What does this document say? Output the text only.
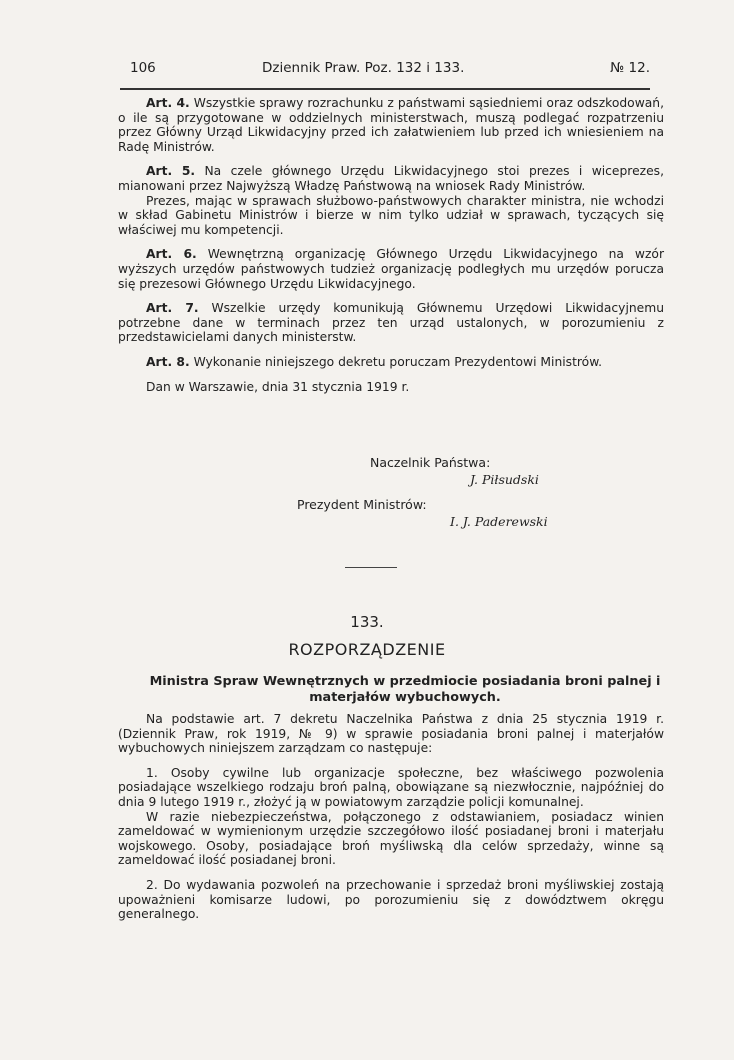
106	Dziennik Praw. Poz. 132 i 133.	№ 12.

Art. 4. Wszystkie sprawy rozrachunku z państwami sąsiedniemi oraz odszkodowań, o ile są przygotowane w oddzielnych ministerstwach, muszą podlegać rozpatrzeniu przez Główny Urząd Likwidacyjny przed ich załatwieniem lub przed ich wniesieniem na Radę Ministrów.

Art. 5. Na czele głównego Urzędu Likwidacyjnego stoi prezes i wiceprezes, mianowani przez Najwyższą Władzę Państwową na wniosek Rady Ministrów.

Prezes, mając w sprawach służbowo-państwowych charakter ministra, nie wchodzi w skład Gabinetu Ministrów i bierze w nim tylko udział w sprawach, tyczących się właściwej mu kompetencji.

Art. 6. Wewnętrzną organizację Głównego Urzędu Likwidacyjnego na wzór wyższych urzędów państwowych tudzież organizację podległych mu urzędów porucza się prezesowi Głównego Urzędu Likwidacyjnego.

Art. 7. Wszelkie urzędy komunikują Głównemu Urzędowi Likwidacyjnemu potrzebne dane w terminach przez ten urząd ustalonych, w porozumieniu z przedstawicielami danych ministerstw.

Art. 8. Wykonanie niniejszego dekretu poruczam Prezydentowi Ministrów.

Dan w Warszawie, dnia 31 stycznia 1919 r.

Naczelnik Państwa:
J. Piłsudski
Prezydent Ministrów:
I. J. Paderewski
133.
ROZPORZĄDZENIE
Ministra Spraw Wewnętrznych w przedmiocie posiadania broni palnej i materjałów wybuchowych.

Na podstawie art. 7 dekretu Naczelnika Państwa z dnia 25 stycznia 1919 r. (Dziennik Praw, rok 1919, № 9) w sprawie posiadania broni palnej i materjałów wybuchowych niniejszem zarządzam co następuje:

1. Osoby cywilne lub organizacje społeczne, bez właściwego pozwolenia posiadające wszelkiego rodzaju broń palną, obowiązane są niezwłocznie, najpóźniej do dnia 9 lutego 1919 r., złożyć ją w powiatowym zarządzie policji komunalnej.

W razie niebezpieczeństwa, połączonego z odstawianiem, posiadacz winien zameldować w wymienionym urzędzie szczegółowo ilość posiadanej broni i materjału wojskowego. Osoby, posiadające broń myśliwską dla celów sprzedaży, winne są zameldować ilość posiadanej broni.

2. Do wydawania pozwoleń na przechowanie i sprzedaż broni myśliwskiej zostają upoważnieni komisarze ludowi, po porozumieniu się z dowództwem okręgu generalnego.
